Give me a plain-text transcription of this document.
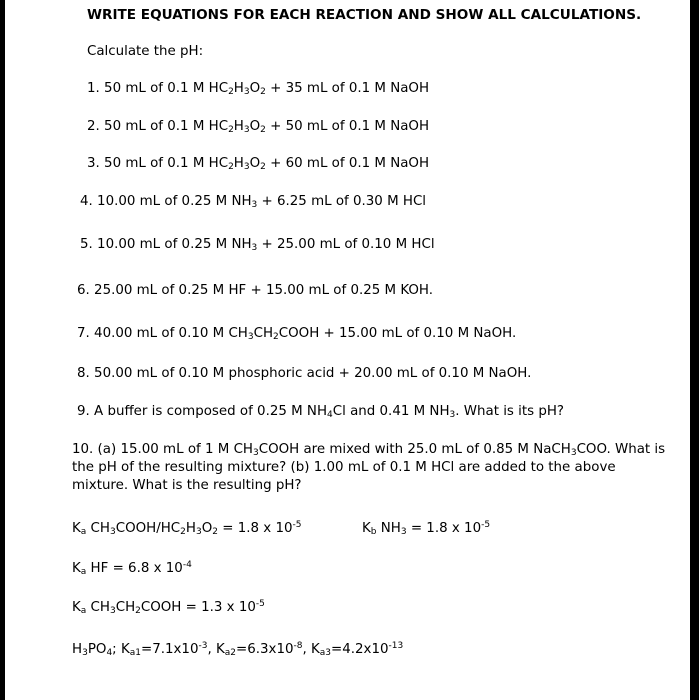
WRITE EQUATIONS FOR EACH REACTION AND SHOW ALL CALCULATIONS.
Calculate the pH:
1. 50 mL of 0.1 M $HC_2H_3O_2 + 35$ mL of 0.1 M NaOH
2. 50 mL of 0.1 M $HC_2H_3O_2 + 50$ mL of 0.1 M NaOH
3. 50 mL of 0.1 M $HC_2H_3O_2 + 60$ mL of 0.1 M NaOH
4. 10.00 mL of 0.25 M $NH_3 + 6.25$ mL of 0.30 M HCl
5. 10.00 mL of 0.25 M $NH_3 + 25.00$ mL of 0.10 M HCl
6. 25.00 mL of 0.25 M HF + 15.00 mL of 0.25 M KOH.
7. 40.00 mL of 0.10 M $CH_3CH_2COOH + 15.00$ mL of 0.10 M NaOH.
8. 50.00 mL of 0.10 M phosphoric acid + 20.00 mL of 0.10 M NaOH.
9. A buffer is composed of 0.25 M $NH_4Cl$ and 0.41 M $NH_3$. What is its pH?
10. (a) 15.00 mL of 1 M $CH_3COOH$ are mixed with 25.0 mL of 0.85 M NaCH$_3$COO. What is the pH of the resulting mixture? (b) 1.00 mL of 0.1 M HCl are added to the above mixture. What is the resulting pH?
$K_a$ $CH_3COOH/HC_2H_3O_2 = 1.8$ x $10^{-5}$	$K_b$ $NH_3 = 1.8$ x $10^{-5}$
$K_a$ HF = 6.8 x $10^{-4}$
$K_a$ $CH_3CH_2COOH = 1.3$ x $10^{-5}$
$H_3PO_4$; $K_{a1}=7.1x10^{-3}$, $K_{a2}=6.3x10^{-8}$, $K_{a3}=4.2x10^{-13}$
